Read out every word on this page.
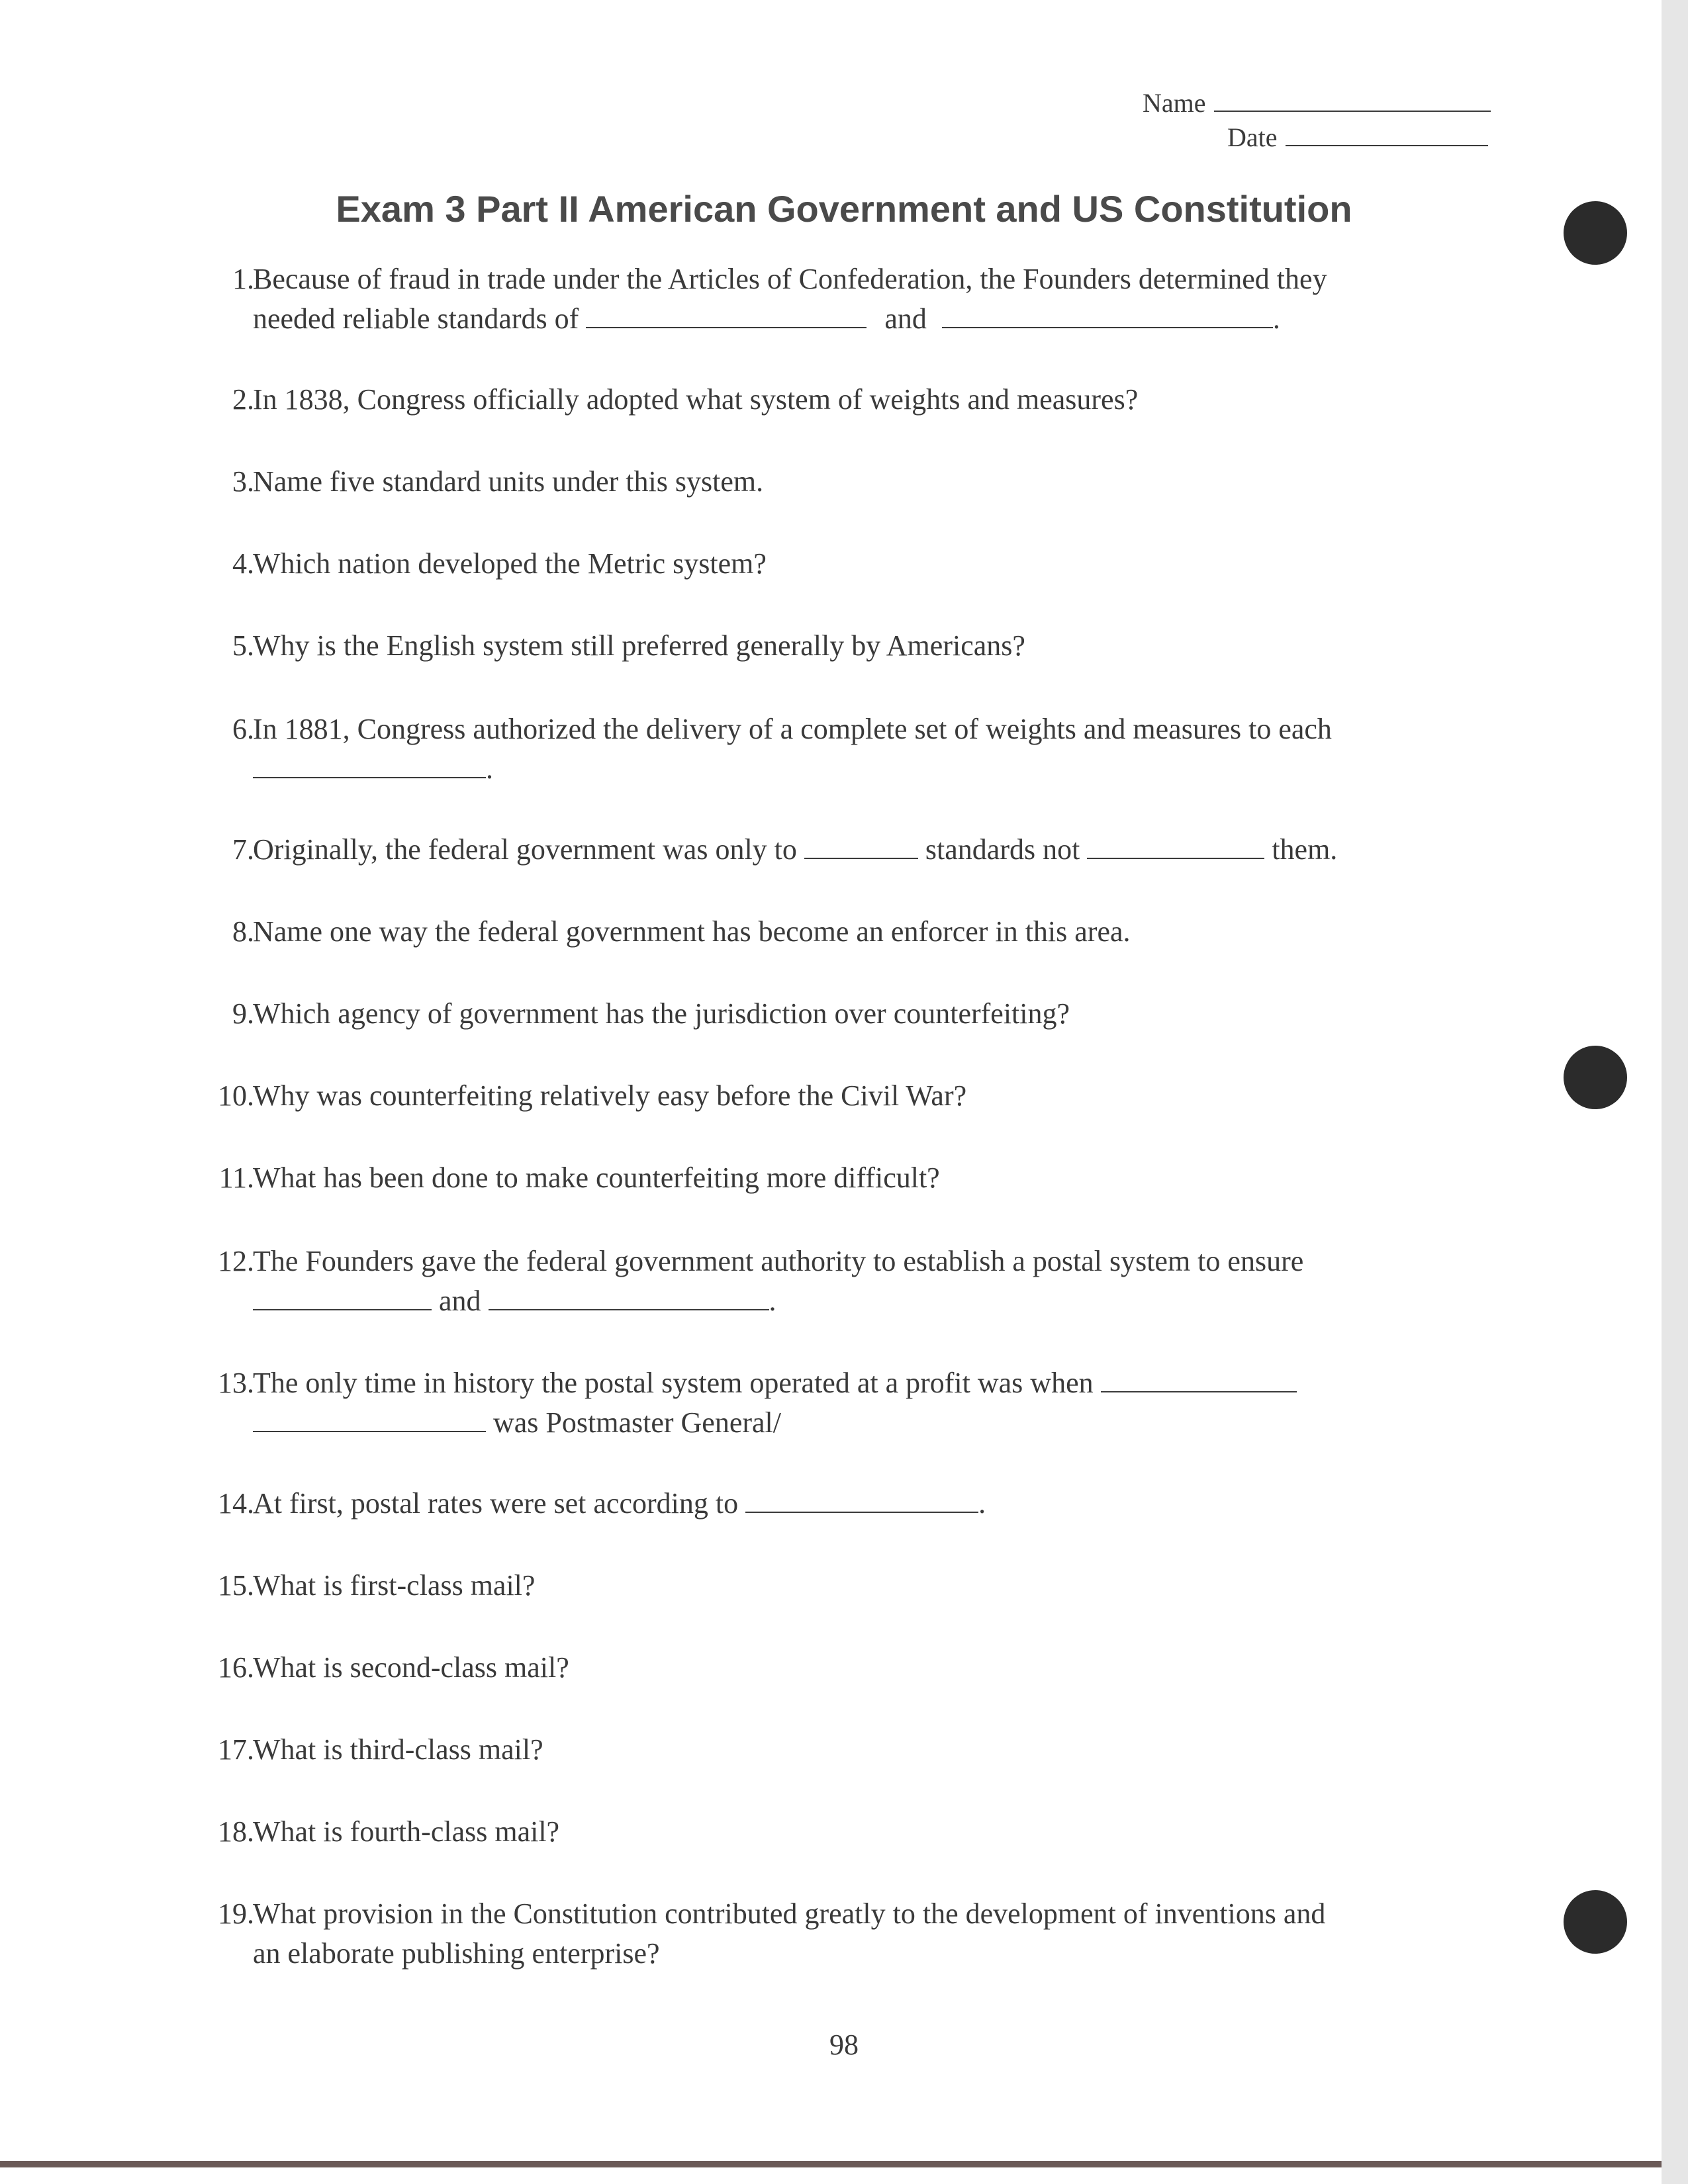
Name
Date
Exam 3 Part II American Government and US Constitution
1.
Because of fraud in trade under the Articles of Confederation, the Founders determined they
needed reliable standards of	and	.
2.
In 1838, Congress officially adopted what system of weights and measures?
3.
Name five standard units under this system.
4.
Which nation developed the Metric system?
5.
Why is the English system still preferred generally by Americans?
6.
In 1881, Congress authorized the delivery of a complete set of weights and measures to each
.
7.
Originally, the federal government was only to	standards not	them.
8.
Name one way the federal government has become an enforcer in this area.
9.
Which agency of government has the jurisdiction over counterfeiting?
10.
Why was counterfeiting relatively easy before the Civil War?
11.
What has been done to make counterfeiting more difficult?
12.
The Founders gave the federal government authority to establish a postal system to ensure
and	.
13.
The only time in history the postal system operated at a profit was when
was Postmaster General/
14.
At first, postal rates were set according to	.
15.
What is first-class mail?
16.
What is second-class mail?
17.
What is third-class mail?
18.
What is fourth-class mail?
19.
What provision in the Constitution contributed greatly to the development of inventions and
an elaborate publishing enterprise?
98
